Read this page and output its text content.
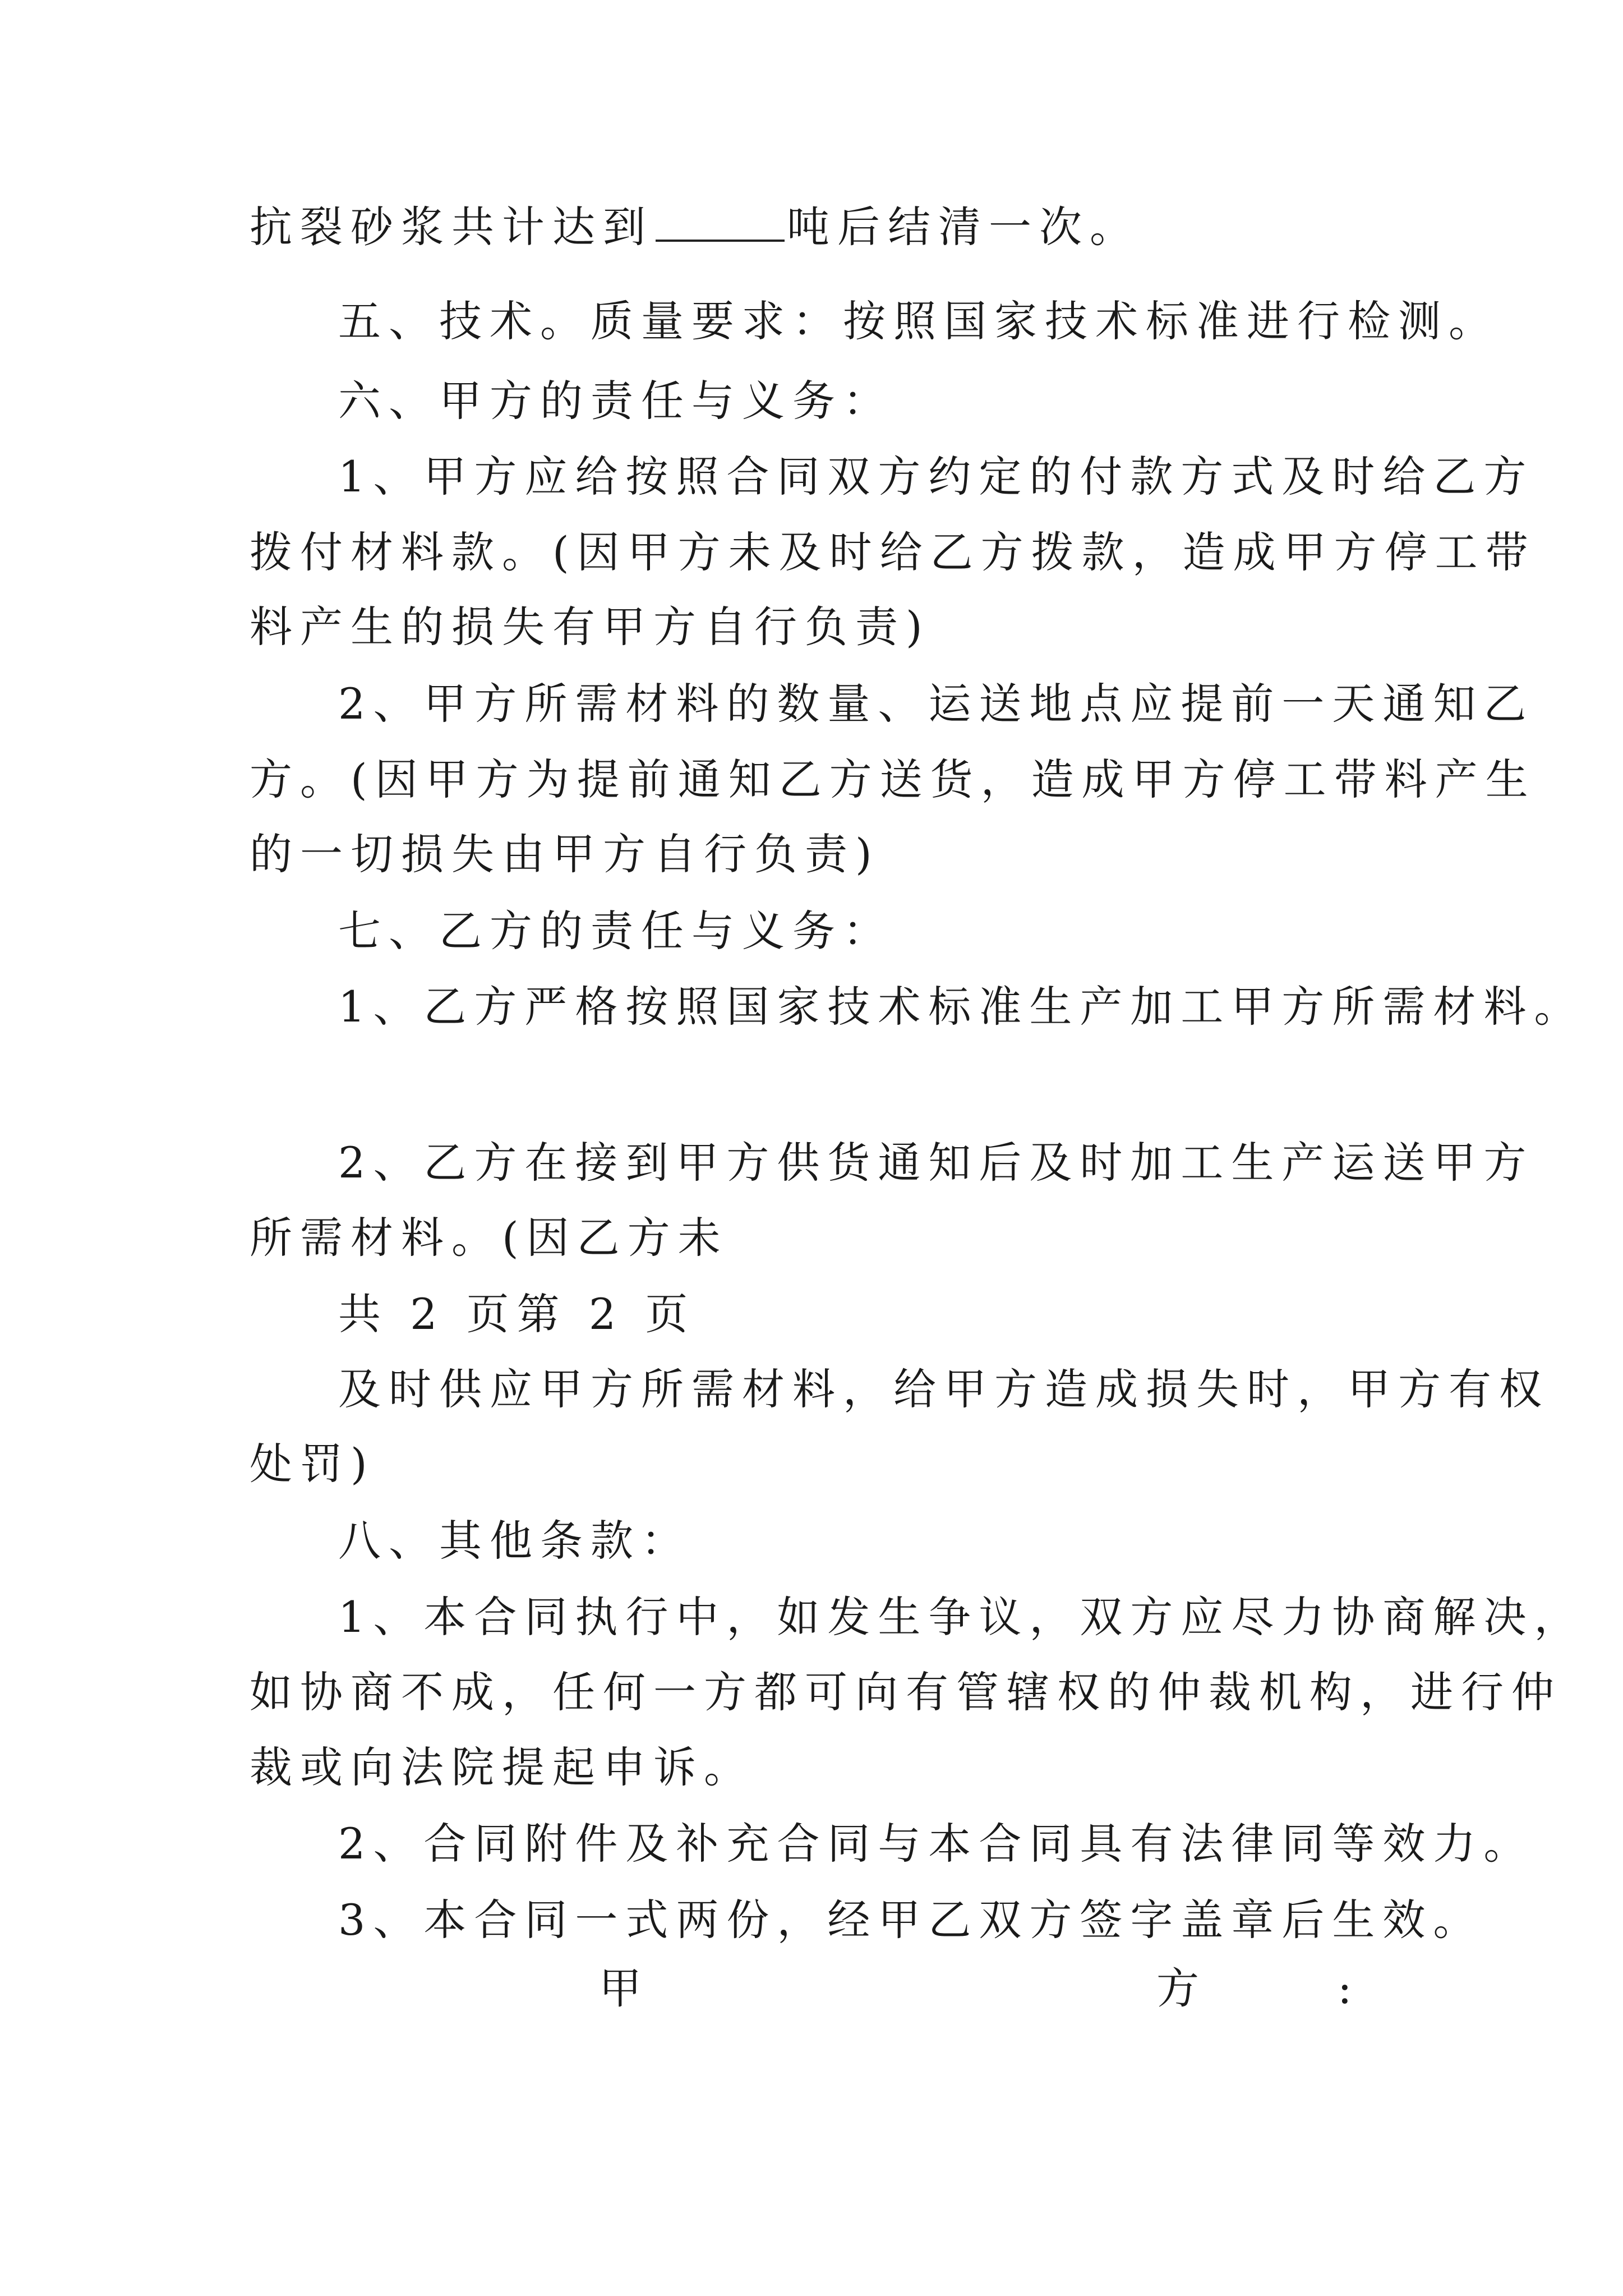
抗裂砂浆共计达到	吨后结清一次。
五、技术。质量要求：按照国家技术标准进行检测。
六、甲方的责任与义务：
1、甲方应给按照合同双方约定的付款方式及时给乙方
拨付材料款。(因甲方未及时给乙方拨款，造成甲方停工带
料产生的损失有甲方自行负责)
2、甲方所需材料的数量、运送地点应提前一天通知乙
方。(因甲方为提前通知乙方送货，造成甲方停工带料产生
的一切损失由甲方自行负责)
七、乙方的责任与义务：
1、乙方严格按照国家技术标准生产加工甲方所需材料。
2、乙方在接到甲方供货通知后及时加工生产运送甲方
所需材料。(因乙方未
共 2 页第 2 页
及时供应甲方所需材料，给甲方造成损失时，甲方有权
处罚)
八、其他条款：
1、本合同执行中，如发生争议，双方应尽力协商解决，
如协商不成，任何一方都可向有管辖权的仲裁机构，进行仲
裁或向法院提起申诉。
2、合同附件及补充合同与本合同具有法律同等效力。
3、本合同一式两份，经甲乙双方签字盖章后生效。
甲	方	:
